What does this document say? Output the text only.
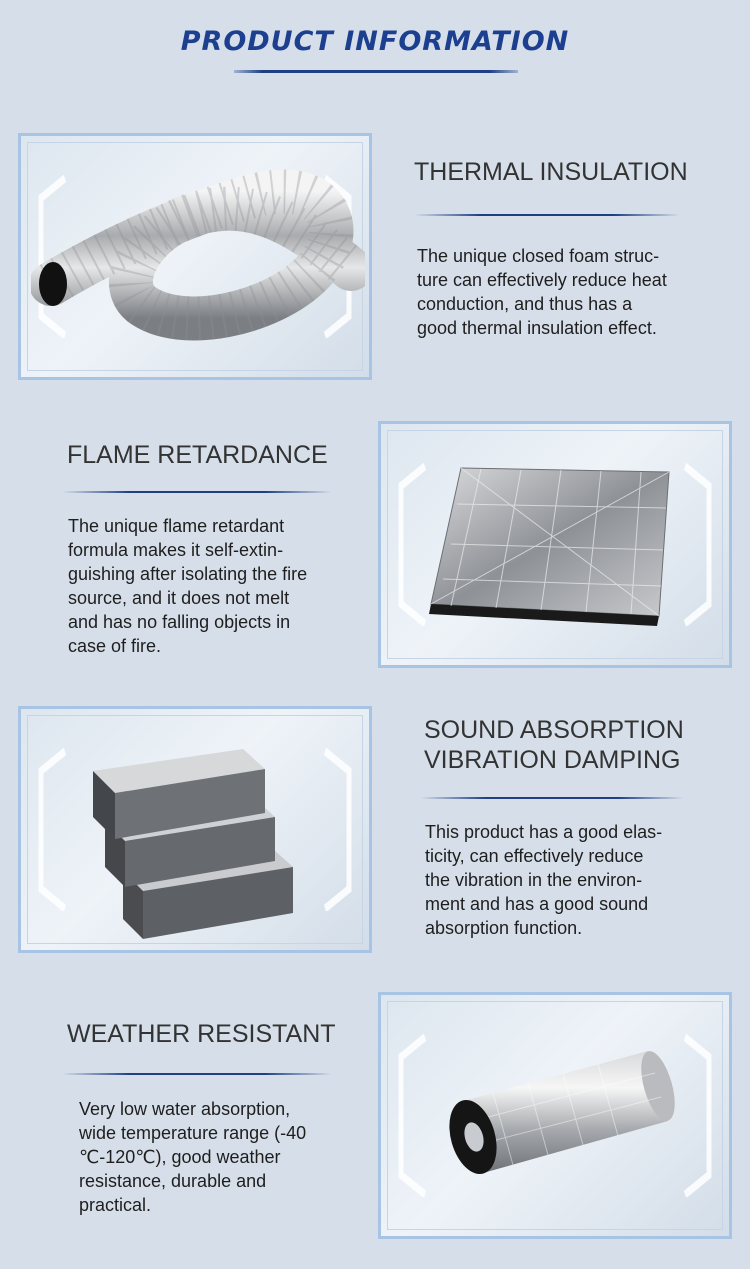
PRODUCT INFORMATION
THERMAL INSULATION

The unique closed foam struc-
ture can effectively reduce heat
conduction, and thus has a
good thermal insulation effect.

FLAME RETARDANCE

The unique flame retardant
formula makes it self-extin-
guishing after isolating the fire
source, and it does not melt
and has no falling objects in
case of fire.

SOUND ABSORPTION
VIBRATION DAMPING

This product has a good elas-
ticity, can effectively reduce
the vibration in the environ-
ment and has a good sound
absorption function.

WEATHER RESISTANT

Very low water absorption,
wide temperature range (-40
℃-120℃), good weather
resistance, durable and
practical.
